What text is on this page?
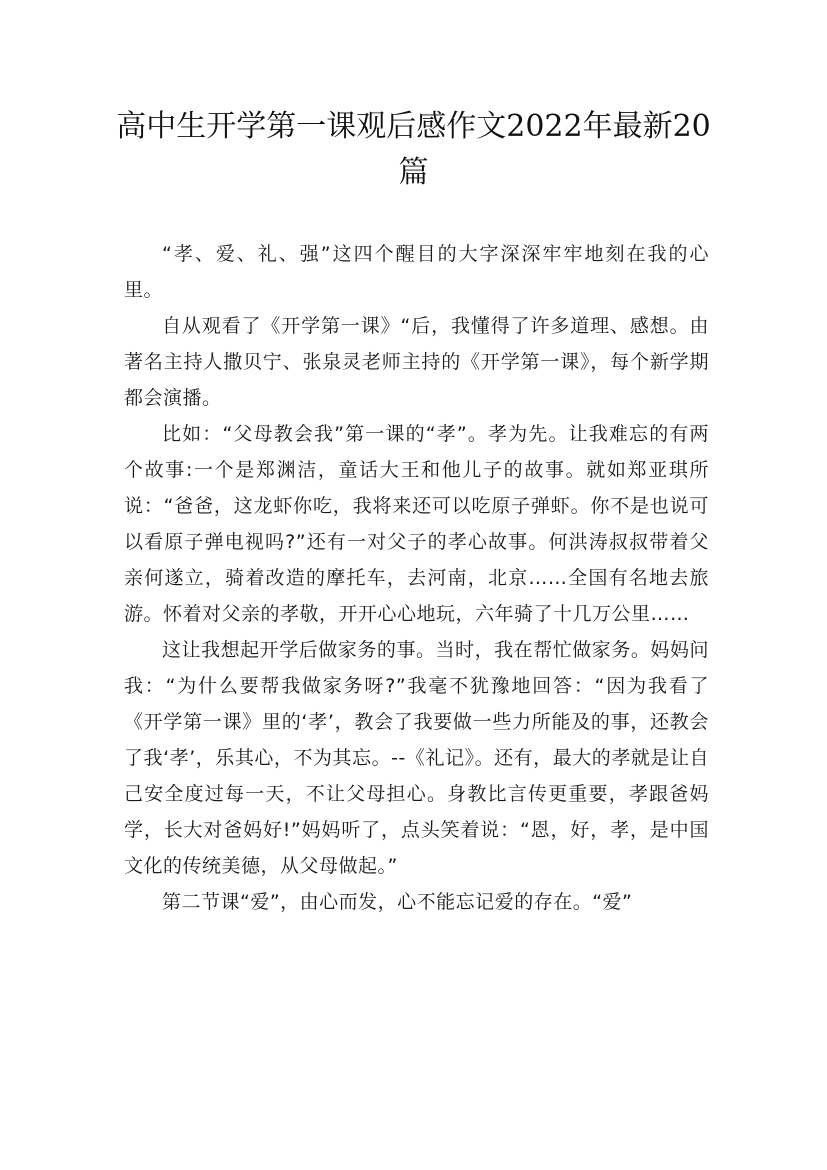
高中生开学第一课观后感作文2022年最新20篇

“孝、爱、礼、强”这四个醒目的大字深深牢牢地刻在我的心里。

自从观看了《开学第一课》“后，我懂得了许多道理、感想。由著名主持人撒贝宁、张泉灵老师主持的《开学第一课》，每个新学期都会演播。

比如：“父母教会我”第一课的“孝”。孝为先。让我难忘的有两个故事:一个是郑渊洁，童话大王和他儿子的故事。就如郑亚琪所说：“爸爸，这龙虾你吃，我将来还可以吃原子弹虾。你不是也说可以看原子弹电视吗?”还有一对父子的孝心故事。何洪涛叔叔带着父亲何遂立，骑着改造的摩托车，去河南，北京……全国有名地去旅游。怀着对父亲的孝敬，开开心心地玩，六年骑了十几万公里……

这让我想起开学后做家务的事。当时，我在帮忙做家务。妈妈问我：“为什么要帮我做家务呀?”我毫不犹豫地回答：“因为我看了《开学第一课》里的‘孝’，教会了我要做一些力所能及的事，还教会了我‘孝’，乐其心，不为其忘。--《礼记》。还有，最大的孝就是让自己安全度过每一天，不让父母担心。身教比言传更重要，孝跟爸妈学，长大对爸妈好!”妈妈听了，点头笑着说：“恩，好，孝，是中国文化的传统美德，从父母做起。”

第二节课“爱”，由心而发，心不能忘记爱的存在。“爱”
